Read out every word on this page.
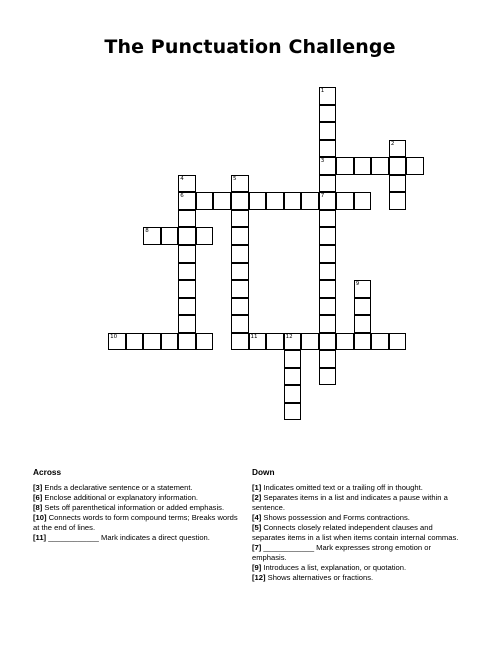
The Punctuation Challenge
3
6	7
8
10	11	12
1
2
4	5
9
Across
[3] Ends a declarative sentence or a statement.
[6] Enclose additional or explanatory information.
[8] Sets off parenthetical information or added emphasis.
[10] Connects words to form compound terms; Breaks words at the end of lines.
[11] ____________ Mark indicates a direct question.
Down
[1] Indicates omitted text or a trailing off in thought.
[2] Separates items in a list and indicates a pause within a sentence.
[4] Shows possession and Forms contractions.
[5] Connects closely related independent clauses and separates items in a list when items contain internal commas.
[7] ____________ Mark expresses strong emotion or emphasis.
[9] Introduces a list, explanation, or quotation.
[12] Shows alternatives or fractions.
